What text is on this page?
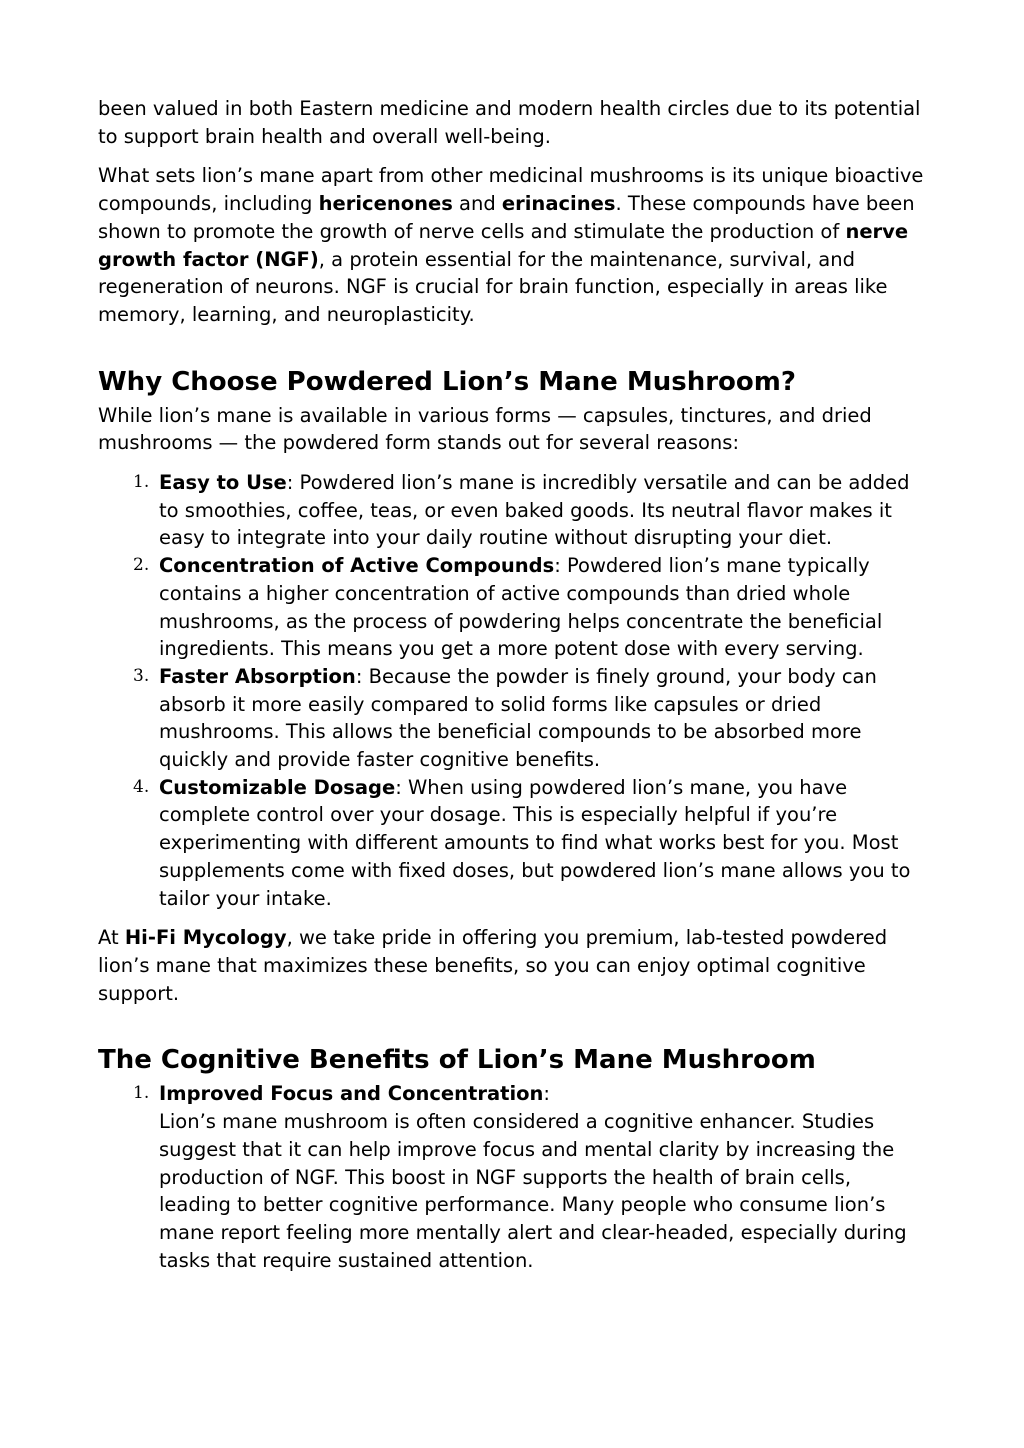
been valued in both Eastern medicine and modern health circles due to its potential to support brain health and overall well-being.

What sets lion’s mane apart from other medicinal mushrooms is its unique bioactive compounds, including hericenones and erinacines. These compounds have been shown to promote the growth of nerve cells and stimulate the production of nerve growth factor (NGF), a protein essential for the maintenance, survival, and regeneration of neurons. NGF is crucial for brain function, especially in areas like memory, learning, and neuroplasticity.

Why Choose Powdered Lion’s Mane Mushroom?

While lion’s mane is available in various forms — capsules, tinctures, and dried mushrooms — the powdered form stands out for several reasons:

1. Easy to Use: Powdered lion’s mane is incredibly versatile and can be added to smoothies, coffee, teas, or even baked goods. Its neutral flavor makes it easy to integrate into your daily routine without disrupting your diet.
2. Concentration of Active Compounds: Powdered lion’s mane typically contains a higher concentration of active compounds than dried whole mushrooms, as the process of powdering helps concentrate the beneficial ingredients. This means you get a more potent dose with every serving.
3. Faster Absorption: Because the powder is finely ground, your body can absorb it more easily compared to solid forms like capsules or dried mushrooms. This allows the beneficial compounds to be absorbed more quickly and provide faster cognitive benefits.
4. Customizable Dosage: When using powdered lion’s mane, you have complete control over your dosage. This is especially helpful if you’re experimenting with different amounts to find what works best for you. Most supplements come with fixed doses, but powdered lion’s mane allows you to tailor your intake.

At Hi-Fi Mycology, we take pride in offering you premium, lab-tested powdered lion’s mane that maximizes these benefits, so you can enjoy optimal cognitive support.

The Cognitive Benefits of Lion’s Mane Mushroom
1. Improved Focus and Concentration:
Lion’s mane mushroom is often considered a cognitive enhancer. Studies suggest that it can help improve focus and mental clarity by increasing the production of NGF. This boost in NGF supports the health of brain cells, leading to better cognitive performance. Many people who consume lion’s mane report feeling more mentally alert and clear-headed, especially during tasks that require sustained attention.
